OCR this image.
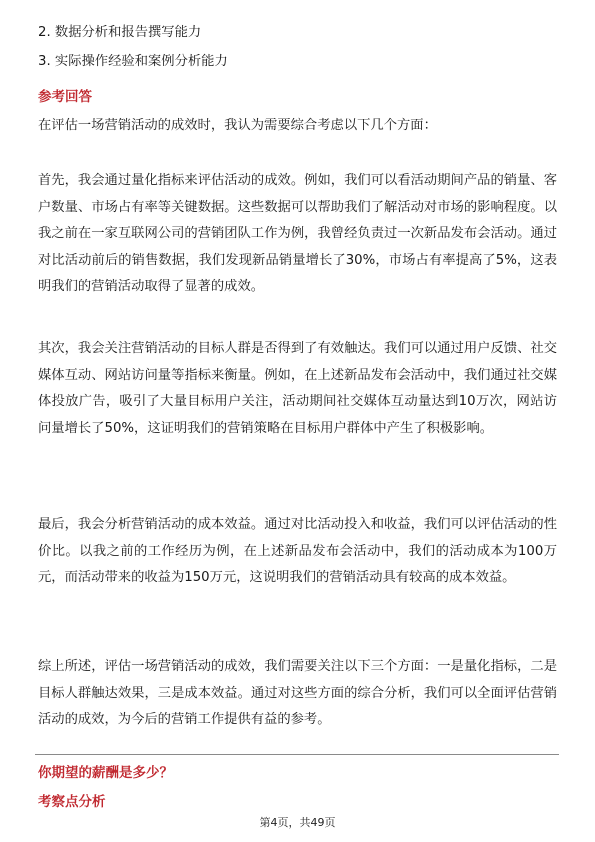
2. 数据分析和报告撰写能力
3. 实际操作经验和案例分析能力
参考回答
在评估一场营销活动的成效时，我认为需要综合考虑以下几个方面：

首先，我会通过量化指标来评估活动的成效。例如，我们可以看活动期间产品的销量、客户数量、市场占有率等关键数据。这些数据可以帮助我们了解活动对市场的影响程度。以我之前在一家互联网公司的营销团队工作为例，我曾经负责过一次新品发布会活动。通过对比活动前后的销售数据，我们发现新品销量增长了30%，市场占有率提高了5%，这表明我们的营销活动取得了显著的成效。

其次，我会关注营销活动的目标人群是否得到了有效触达。我们可以通过用户反馈、社交媒体互动、网站访问量等指标来衡量。例如，在上述新品发布会活动中，我们通过社交媒体投放广告，吸引了大量目标用户关注，活动期间社交媒体互动量达到10万次，网站访问量增长了50%，这证明我们的营销策略在目标用户群体中产生了积极影响。

最后，我会分析营销活动的成本效益。通过对比活动投入和收益，我们可以评估活动的性价比。以我之前的工作经历为例，在上述新品发布会活动中，我们的活动成本为100万元，而活动带来的收益为150万元，这说明我们的营销活动具有较高的成本效益。

综上所述，评估一场营销活动的成效，我们需要关注以下三个方面：一是量化指标，二是目标人群触达效果，三是成本效益。通过对这些方面的综合分析，我们可以全面评估营销活动的成效，为今后的营销工作提供有益的参考。

你期望的薪酬是多少？
考察点分析
第4页，共49页
